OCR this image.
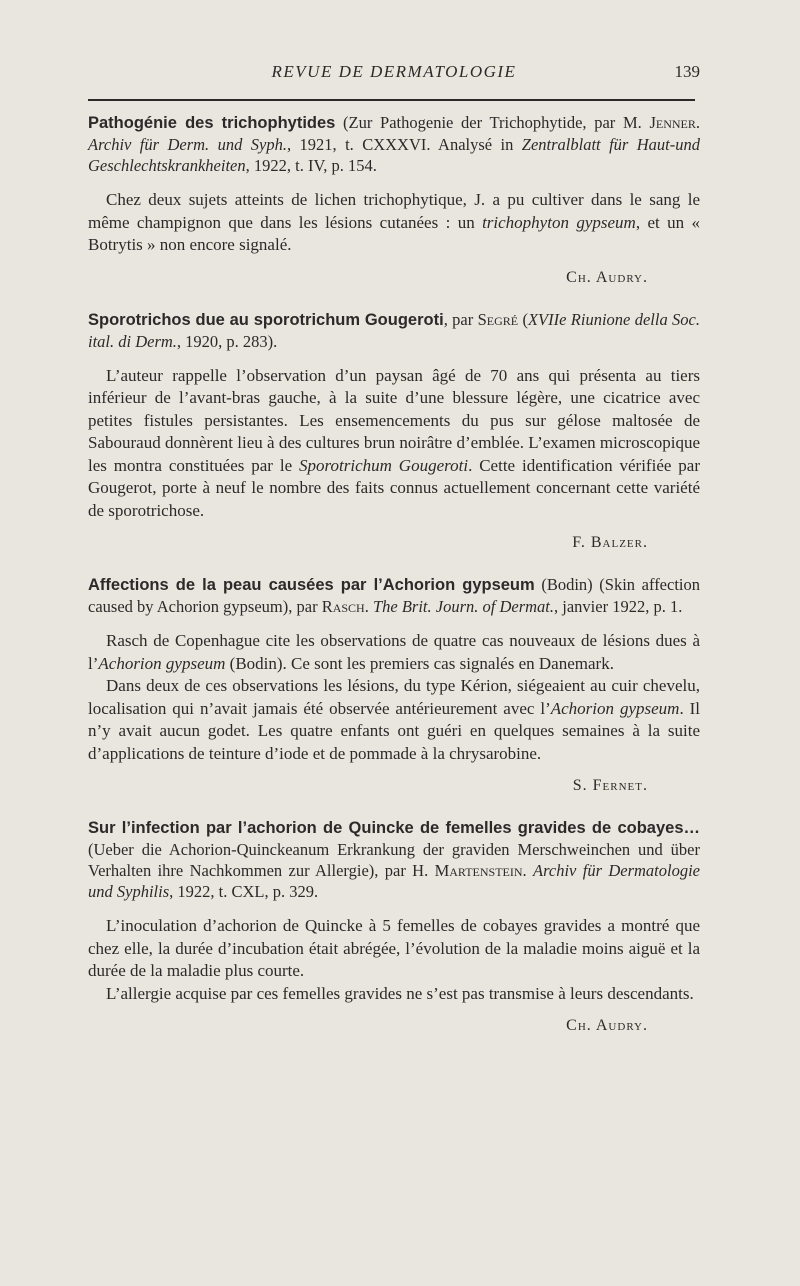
REVUE DE DERMATOLOGIE	139

Pathogénie des trichophytides (Zur Pathogenie der Trichophytide, par M. Jenner. Archiv für Derm. und Syph., 1921, t. CXXXVI. Analysé in Zentralblatt für Haut-und Geschlechtskrankheiten, 1922, t. IV, p. 154.

Chez deux sujets atteints de lichen trichophytique, J. a pu cultiver dans le sang le même champignon que dans les lésions cutanées : un trichophyton gypseum, et un « Botrytis » non encore signalé.

Ch. Audry.

Sporotrichos due au sporotrichum Gougeroti, par Segré (XVIIe Riunione della Soc. ital. di Derm., 1920, p. 283).

L’auteur rappelle l’observation d’un paysan âgé de 70 ans qui présenta au tiers inférieur de l’avant-bras gauche, à la suite d’une blessure légère, une cicatrice avec petites fistules persistantes. Les ensemencements du pus sur gélose maltosée de Sabouraud donnèrent lieu à des cultures brun noirâtre d’emblée. L’examen microscopique les montra constituées par le Sporotrichum Gougeroti. Cette identification vérifiée par Gougerot, porte à neuf le nombre des faits connus actuellement concernant cette variété de sporotrichose.

F. Balzer.

Affections de la peau causées par l’Achorion gypseum (Bodin) (Skin affection caused by Achorion gypseum), par Rasch. The Brit. Journ. of Dermat., janvier 1922, p. 1.

Rasch de Copenhague cite les observations de quatre cas nouveaux de lésions dues à l’Achorion gypseum (Bodin). Ce sont les premiers cas signalés en Danemark.

Dans deux de ces observations les lésions, du type Kérion, siégeaient au cuir chevelu, localisation qui n’avait jamais été observée antérieurement avec l’Achorion gypseum. Il n’y avait aucun godet. Les quatre enfants ont guéri en quelques semaines à la suite d’applications de teinture d’iode et de pommade à la chrysarobine.

S. Fernet.

Sur l’infection par l’achorion de Quincke de femelles gravides de cobayes… (Ueber die Achorion-Quinckeanum Erkrankung der graviden Merschweinchen und über Verhalten ihre Nachkommen zur Allergie), par H. Martenstein. Archiv für Dermatologie und Syphilis, 1922, t. CXL, p. 329.

L’inoculation d’achorion de Quincke à 5 femelles de cobayes gravides a montré que chez elle, la durée d’incubation était abrégée, l’évolution de la maladie moins aiguë et la durée de la maladie plus courte.

L’allergie acquise par ces femelles gravides ne s’est pas transmise à leurs descendants.

Ch. Audry.
